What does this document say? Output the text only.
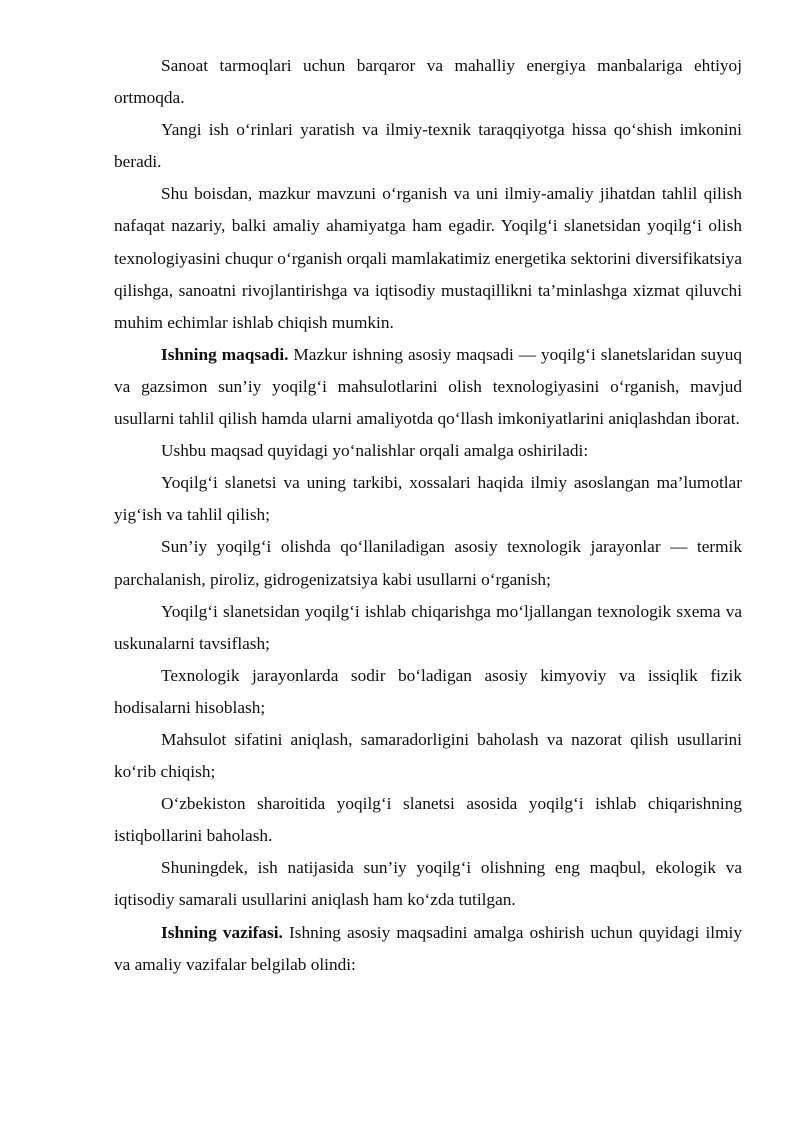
Sanoat tarmoqlari uchun barqaror va mahalliy energiya manbalariga ehtiyoj ortmoqda.

Yangi ish o‘rinlari yaratish va ilmiy-texnik taraqqiyotga hissa qo‘shish imkonini beradi.

Shu boisdan, mazkur mavzuni o‘rganish va uni ilmiy-amaliy jihatdan tahlil qilish nafaqat nazariy, balki amaliy ahamiyatga ham egadir. Yoqilg‘i slanetsidan yoqilg‘i olish texnologiyasini chuqur o‘rganish orqali mamlakatimiz energetika sektorini diversifikatsiya qilishga, sanoatni rivojlantirishga va iqtisodiy mustaqillikni ta’minlashga xizmat qiluvchi muhim echimlar ishlab chiqish mumkin.

Ishning maqsadi. Mazkur ishning asosiy maqsadi — yoqilg‘i slanetslaridan suyuq va gazsimon sun’iy yoqilg‘i mahsulotlarini olish texnologiyasini o‘rganish, mavjud usullarni tahlil qilish hamda ularni amaliyotda qo‘llash imkoniyatlarini aniqlashdan iborat.

Ushbu maqsad quyidagi yo‘nalishlar orqali amalga oshiriladi:

Yoqilg‘i slanetsi va uning tarkibi, xossalari haqida ilmiy asoslangan ma’lumotlar yig‘ish va tahlil qilish;

Sun’iy yoqilg‘i olishda qo‘llaniladigan asosiy texnologik jarayonlar — termik parchalanish, piroliz, gidrogenizatsiya kabi usullarni o‘rganish;

Yoqilg‘i slanetsidan yoqilg‘i ishlab chiqarishga mo‘ljallangan texnologik sxema va uskunalarni tavsiflash;

Texnologik jarayonlarda sodir bo‘ladigan asosiy kimyoviy va issiqlik fizik hodisalarni hisoblash;

Mahsulot sifatini aniqlash, samaradorligini baholash va nazorat qilish usullarini ko‘rib chiqish;

O‘zbekiston sharoitida yoqilg‘i slanetsi asosida yoqilg‘i ishlab chiqarishning istiqbollarini baholash.

Shuningdek, ish natijasida sun’iy yoqilg‘i olishning eng maqbul, ekologik va iqtisodiy samarali usullarini aniqlash ham ko‘zda tutilgan.

Ishning vazifasi. Ishning asosiy maqsadini amalga oshirish uchun quyidagi ilmiy va amaliy vazifalar belgilab olindi:
